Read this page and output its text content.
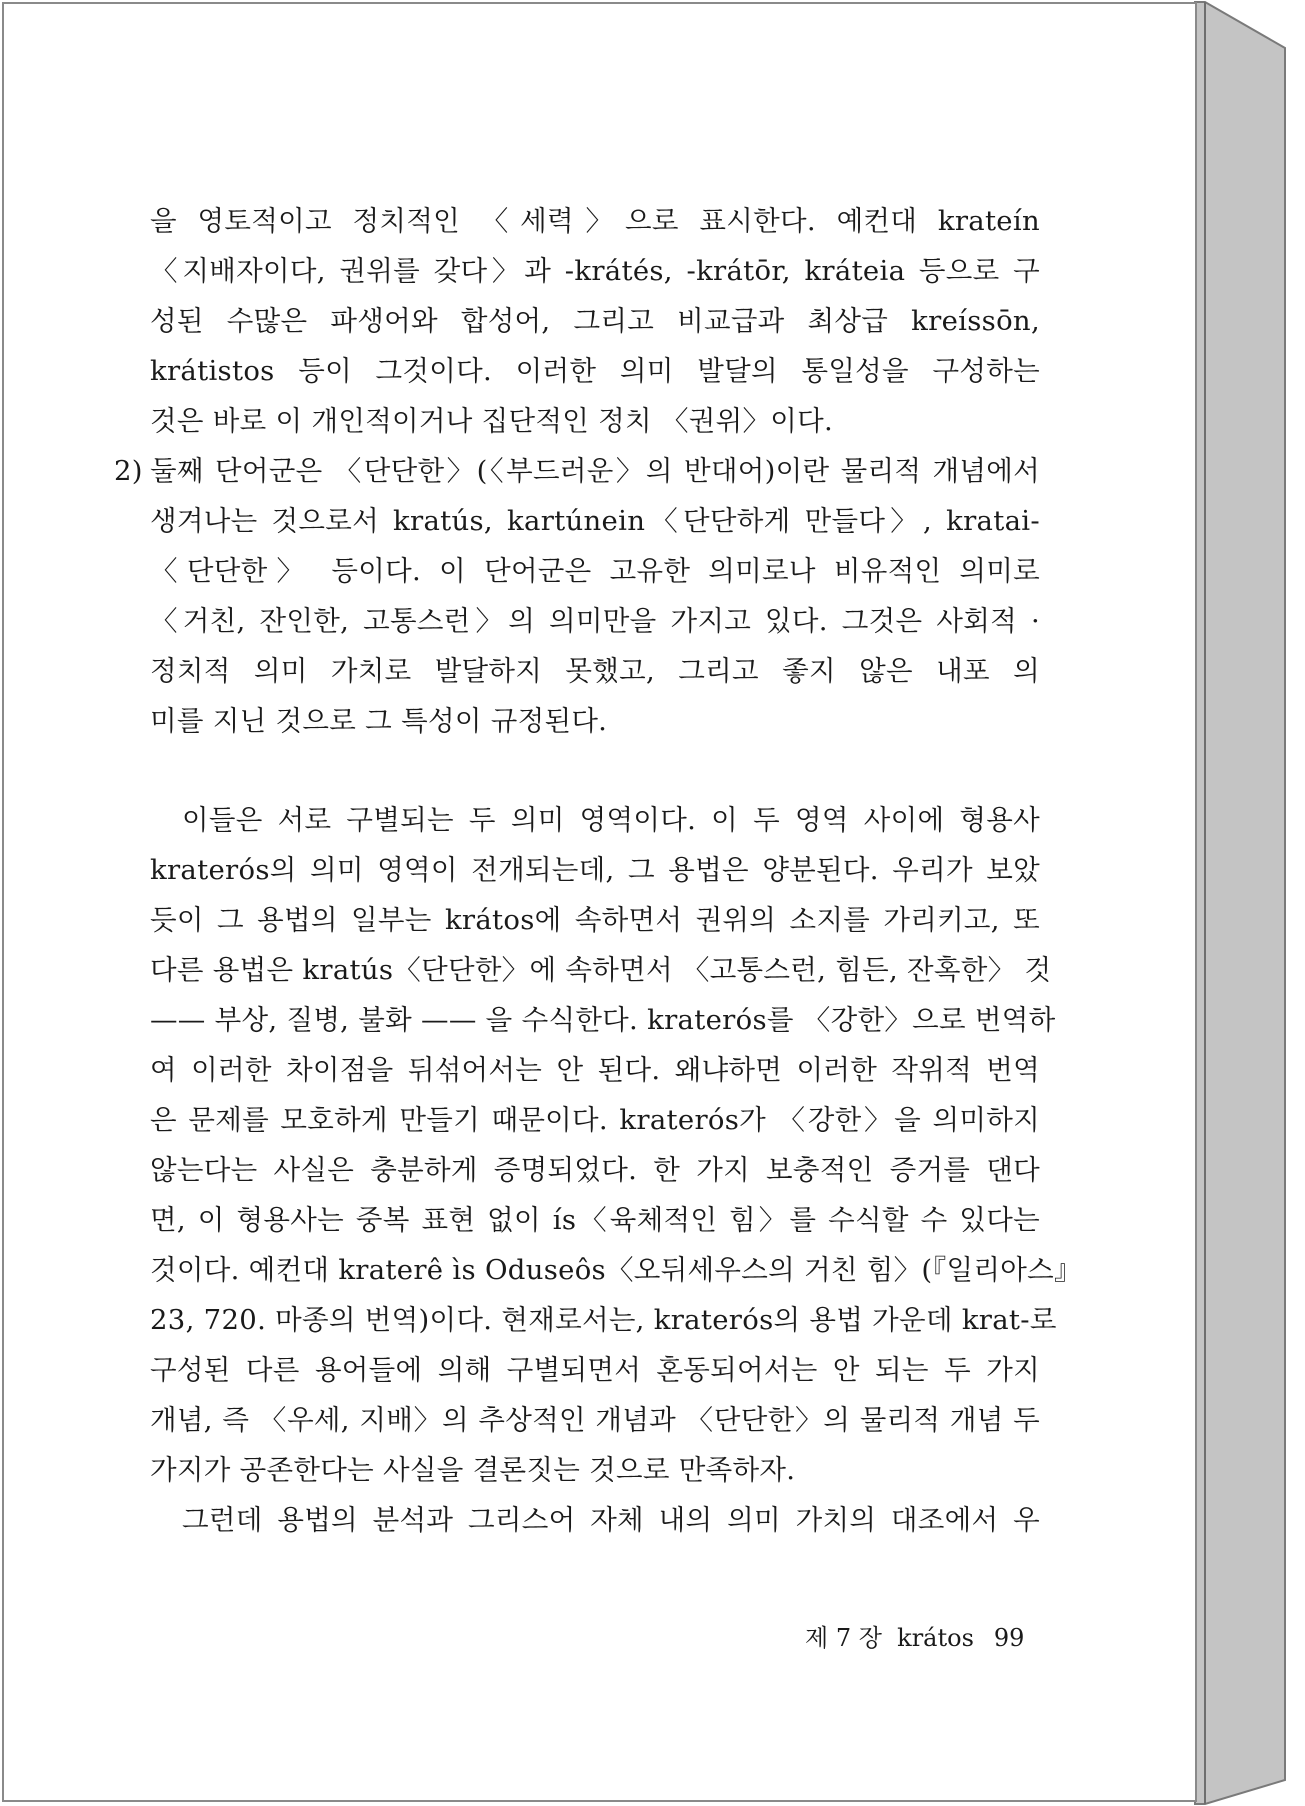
을 영토적이고 정치적인 〈세력〉으로 표시한다. 예컨대 krateín
〈지배자이다, 권위를 갖다〉과 -krátés, -krátōr, kráteia 등으로 구
성된 수많은 파생어와 합성어, 그리고 비교급과 최상급 kreíssōn,
krátistos 등이 그것이다. 이러한 의미 발달의 통일성을 구성하는
것은 바로 이 개인적이거나 집단적인 정치 〈권위〉이다.
2) 둘째 단어군은 〈단단한〉(〈부드러운〉의 반대어)이란 물리적 개념에서
생겨나는 것으로서 kratús, kartúnein〈단단하게 만들다〉, kratai-
〈단단한〉 등이다. 이 단어군은 고유한 의미로나 비유적인 의미로
〈거친, 잔인한, 고통스런〉의 의미만을 가지고 있다. 그것은 사회적 ·
정치적 의미 가치로 발달하지 못했고, 그리고 좋지 않은 내포 의
미를 지닌 것으로 그 특성이 규정된다.
이들은 서로 구별되는 두 의미 영역이다. 이 두 영역 사이에 형용사
kraterós의 의미 영역이 전개되는데, 그 용법은 양분된다. 우리가 보았
듯이 그 용법의 일부는 krátos에 속하면서 권위의 소지를 가리키고, 또
다른 용법은 kratús〈단단한〉에 속하면서 〈고통스런, 힘든, 잔혹한〉 것
—— 부상, 질병, 불화 —— 을 수식한다. kraterós를 〈강한〉으로 번역하
여 이러한 차이점을 뒤섞어서는 안 된다. 왜냐하면 이러한 작위적 번역
은 문제를 모호하게 만들기 때문이다. kraterós가 〈강한〉을 의미하지
않는다는 사실은 충분하게 증명되었다. 한 가지 보충적인 증거를 댄다
면, 이 형용사는 중복 표현 없이 ís〈육체적인 힘〉를 수식할 수 있다는
것이다. 예컨대 kraterê ìs Oduseôs〈오뒤세우스의 거친 힘〉(『일리아스』
23, 720. 마종의 번역)이다. 현재로서는, kraterós의 용법 가운데 krat-로
구성된 다른 용어들에 의해 구별되면서 혼동되어서는 안 되는 두 가지
개념, 즉 〈우세, 지배〉의 추상적인 개념과 〈단단한〉의 물리적 개념 두
가지가 공존한다는 사실을 결론짓는 것으로 만족하자.
그런데 용법의 분석과 그리스어 자체 내의 의미 가치의 대조에서 우
제 7 장  krátos 99
